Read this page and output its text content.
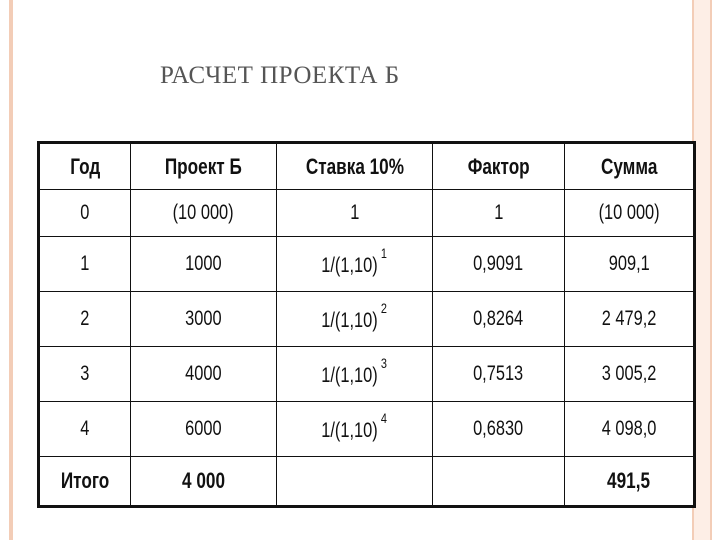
РАСЧЕТ ПРОЕКТА Б
Год	Проект Б	Ставка 10%	Фактор	Сумма
0	(10 000)	1	1	(10 000)
1	1000	$1/(1,10)^1$	0,9091	909,1
2	3000	$1/(1,10)^2$	0,8264	2 479,2
3	4000	$1/(1,10)^3$	0,7513	3 005,2
4	6000	$1/(1,10)^4$	0,6830	4 098,0
Итого	4 000			491,5
